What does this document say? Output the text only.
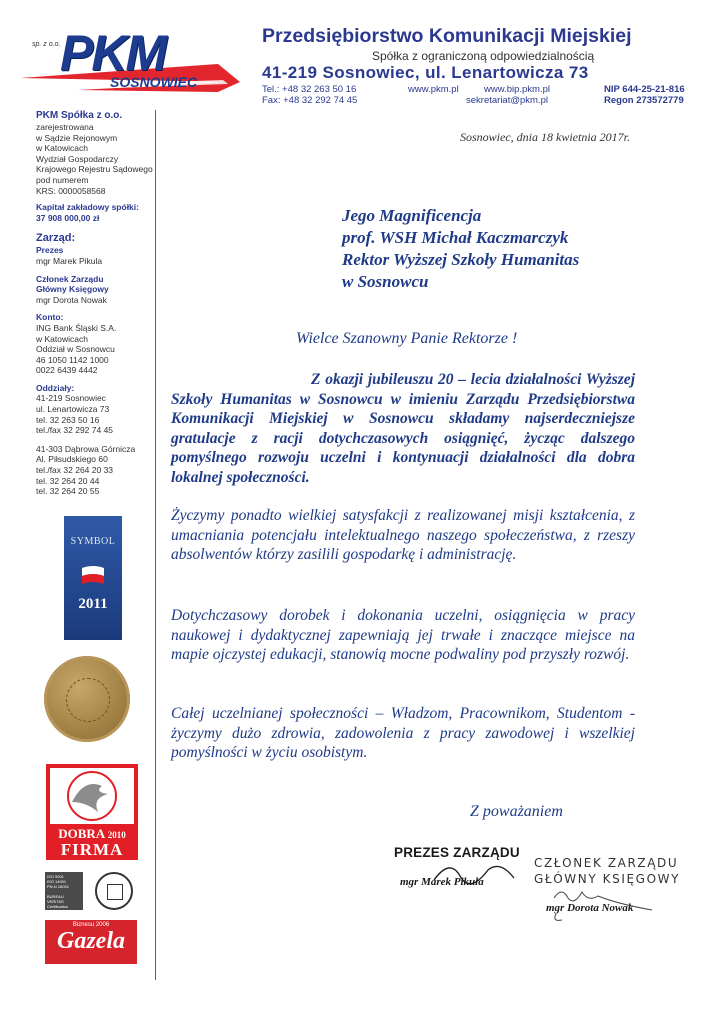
sp. z o.o. PKM
SOSNOWIEC
Przedsiębiorstwo Komunikacji Miejskiej
Spółka z ograniczoną odpowiedzialnością
41-219 Sosnowiec, ul. Lenartowicza 73
Tel.: +48 32 263 50 16
Fax: +48 32 292 74 45
www.pkm.pl	www.bip.pkm.pl
sekretariat@pkm.pl
NIP 644-25-21-816
Regon 273572779

PKM Spółka z o.o.

zarejestrowana

w Sądzie Rejonowym

w Katowicach

Wydział Gospodarczy

Krajowego Rejestru Sądowego

pod numerem

KRS: 0000058568

Kapitał zakładowy spółki:

37 908 000,00 zł

Zarząd:

Prezes

mgr Marek Pikula

Członek Zarządu

Główny Księgowy

mgr Dorota Nowak

Konto:

ING Bank Śląski S.A.

w Katowicach

Oddział w Sosnowcu

46 1050 1142 1000

0022 6439 4442

Oddziały:

41-219 Sosnowiec

ul. Lenartowicza 73

tel. 32 263 50 16

tel./fax 32 292 74 45

41-303 Dąbrowa Górnicza

Al. Piłsudskiego 60

tel./fax 32 264 20 33

tel. 32 264 20 44

tel. 32 264 20 55

SYMBOL
2011
DOBRA 2010
FIRMA
ISO 9001
ISO 14001
PN-N 18001

BUREAU VERITAS
Certification
Biznesu 2006
Gazela
Sosnowiec, dnia 18 kwietnia 2017r.
Jego Magnificencja
prof. WSH Michał Kaczmarczyk
Rektor Wyższej Szkoły Humanitas
w Sosnowcu
Wielce Szanowny Panie Rektorze !

Z okazji jubileuszu 20 – lecia działalności Wyższej Szkoły Humanitas w Sosnowcu w imieniu Zarządu Przedsiębiorstwa Komunikacji Miejskiej w Sosnowcu składamy najserdeczniejsze gratulacje z racji dotychczasowych osiągnięć, życząc dalszego pomyślnego rozwoju uczelni i kontynuacji działalności dla dobra lokalnej społeczności.

Życzymy ponadto wielkiej satysfakcji z realizowanej misji kształcenia, z umacniania potencjału intelektualnego naszego społeczeństwa, z rzeszy absolwentów którzy zasilili gospodarkę i administrację.

Dotychczasowy dorobek i dokonania uczelni, osiągnięcia w pracy naukowej i dydaktycznej zapewniają jej trwałe i znaczące miejsce na mapie ojczystej edukacji, stanowią mocne podwaliny pod przyszły rozwój.

Całej uczelnianej społeczności – Władzom, Pracownikom, Studentom - życzymy dużo zdrowia, zadowolenia z pracy zawodowej i wszelkiej pomyślności w życiu osobistym.

Z poważaniem
PREZES ZARZĄDU
mgr Marek Pikuła
CZŁONEK ZARZĄDU
GŁÓWNY KSIĘGOWY
mgr Dorota Nowak
